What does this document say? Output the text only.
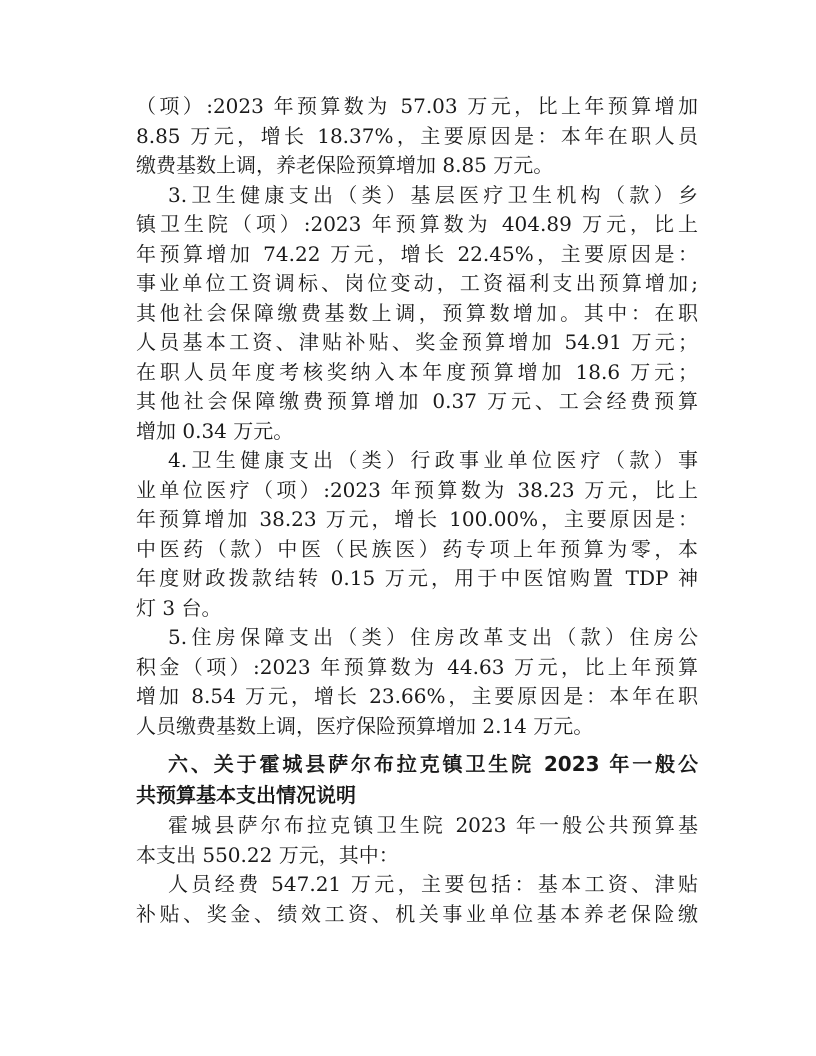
（项）:2023 年预算数为 57.03 万元，比上年预算增加
8.85 万元，增长 18.37%，主要原因是：本年在职人员
缴费基数上调，养老保险预算增加 8.85 万元。
3.卫生健康支出（类）基层医疗卫生机构（款）乡
镇卫生院（项）:2023 年预算数为 404.89 万元，比上
年预算增加 74.22 万元，增长 22.45%，主要原因是：
事业单位工资调标、岗位变动，工资福利支出预算增加;
其他社会保障缴费基数上调，预算数增加。其中：在职
人员基本工资、津贴补贴、奖金预算增加 54.91 万元；
在职人员年度考核奖纳入本年度预算增加 18.6 万元；
其他社会保障缴费预算增加 0.37 万元、工会经费预算
增加 0.34 万元。
4.卫生健康支出（类）行政事业单位医疗（款）事
业单位医疗（项）:2023 年预算数为 38.23 万元，比上
年预算增加 38.23 万元，增长 100.00%，主要原因是：
中医药（款）中医（民族医）药专项上年预算为零，本
年度财政拨款结转 0.15 万元，用于中医馆购置 TDP 神
灯 3 台。
5.住房保障支出（类）住房改革支出（款）住房公
积金（项）:2023 年预算数为 44.63 万元，比上年预算
增加 8.54 万元，增长 23.66%，主要原因是：本年在职
人员缴费基数上调，医疗保险预算增加 2.14 万元。
六、关于霍城县萨尔布拉克镇卫生院 2023 年一般公
共预算基本支出情况说明
霍城县萨尔布拉克镇卫生院 2023 年一般公共预算基
本支出 550.22 万元，其中：
人员经费 547.21 万元，主要包括：基本工资、津贴
补贴、奖金、绩效工资、机关事业单位基本养老保险缴
